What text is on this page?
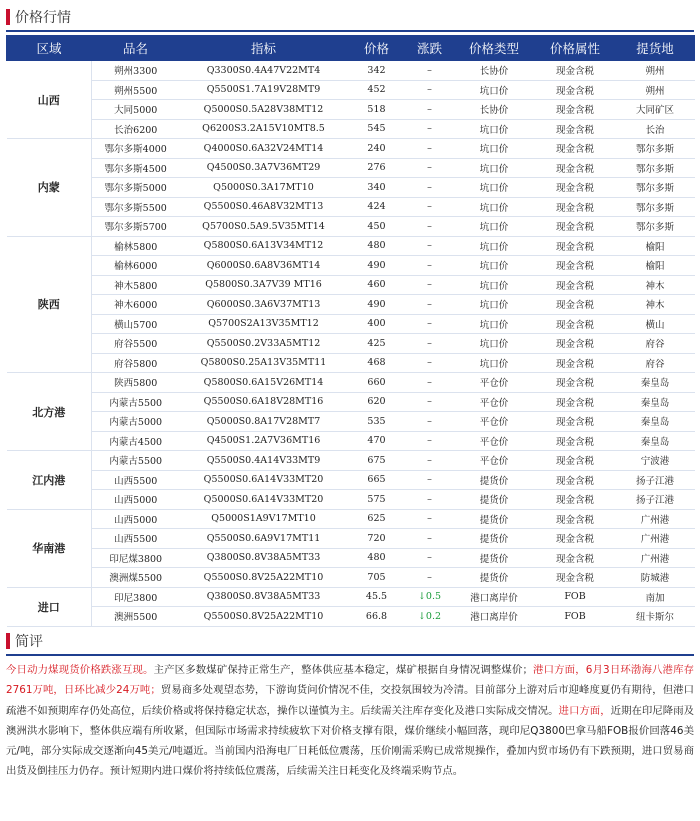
价格行情
区域	品名	指标	价格	涨跌	价格类型	价格属性	提货地
山西	朔州3300	Q3300S0.4A47V22MT4	342	–	长协价	现金含税	朔州
	朔州5500	Q5500S1.7A19V28MT9	452	–	坑口价	现金含税	朔州
	大同5000	Q5000S0.5A28V38MT12	518	–	长协价	现金含税	大同矿区
	长治6200	Q6200S3.2A15V10MT8.5	545	–	坑口价	现金含税	长治
内蒙	鄂尔多斯4000	Q4000S0.6A32V24MT14	240	–	坑口价	现金含税	鄂尔多斯
	鄂尔多斯4500	Q4500S0.3A7V36MT29	276	–	坑口价	现金含税	鄂尔多斯
	鄂尔多斯5000	Q5000S0.3A17MT10	340	–	坑口价	现金含税	鄂尔多斯
	鄂尔多斯5500	Q5500S0.46A8V32MT13	424	–	坑口价	现金含税	鄂尔多斯
	鄂尔多斯5700	Q5700S0.5A9.5V35MT14	450	–	坑口价	现金含税	鄂尔多斯
陕西	榆林5800	Q5800S0.6A13V34MT12	480	–	坑口价	现金含税	榆阳
	榆林6000	Q6000S0.6A8V36MT14	490	–	坑口价	现金含税	榆阳
	神木5800	Q5800S0.3A7V39 MT16	460	–	坑口价	现金含税	神木
	神木6000	Q6000S0.3A6V37MT13	490	–	坑口价	现金含税	神木
	横山5700	Q5700S2A13V35MT12	400	–	坑口价	现金含税	横山
	府谷5500	Q5500S0.2V33A5MT12	425	–	坑口价	现金含税	府谷
	府谷5800	Q5800S0.25A13V35MT11	468	–	坑口价	现金含税	府谷
北方港	陕西5800	Q5800S0.6A15V26MT14	660	–	平仓价	现金含税	秦皇岛
	内蒙古5500	Q5500S0.6A18V28MT16	620	–	平仓价	现金含税	秦皇岛
	内蒙古5000	Q5000S0.8A17V28MT7	535	–	平仓价	现金含税	秦皇岛
	内蒙古4500	Q4500S1.2A7V36MT16	470	–	平仓价	现金含税	秦皇岛
江内港	内蒙古5500	Q5500S0.4A14V33MT9	675	–	平仓价	现金含税	宁波港
	山西5500	Q5500S0.6A14V33MT20	665	–	提货价	现金含税	扬子江港
	山西5000	Q5000S0.6A14V33MT20	575	–	提货价	现金含税	扬子江港
华南港	山西5000	Q5000S1A9V17MT10	625	–	提货价	现金含税	广州港
	山西5500	Q5500S0.6A9V17MT11	720	–	提货价	现金含税	广州港
	印尼煤3800	Q3800S0.8V38A5MT33	480	–	提货价	现金含税	广州港
	澳洲煤5500	Q5500S0.8V25A22MT10	705	–	提货价	现金含税	防城港
进口	印尼3800	Q3800S0.8V38A5MT33	45.5	↓0.5	港口离岸价	FOB	南加
	澳洲5500	Q5500S0.8V25A22MT10	66.8	↓0.2	港口离岸价	FOB	纽卡斯尔
简评
今日动力煤现货价格跌涨互现。主产区多数煤矿保持正常生产，整体供应基本稳定，煤矿根据自身情况调整煤价；港口方面，6月3日环渤海八港库存2761万吨，日环比减少24万吨；贸易商多处观望态势，下游询货问价情况不佳，交投氛围较为冷清。目前部分上游对后市迎峰度夏仍有期待，但港口疏港不如预期库存仍处高位，后续价格或将保持稳定状态，操作以谨慎为主。后续需关注库存变化及港口实际成交情况。进口方面，近期在印尼降雨及澳洲洪水影响下，整体供应端有所收紧，但国际市场需求持续疲软下对价格支撑有限，煤价继续小幅回落，现印尼Q3800巴拿马船FOB报价回落46美元/吨，部分实际成交逐渐向45美元/吨逼近。当前国内沿海电厂日耗低位震荡，压价刚需采购已成常规操作，叠加内贸市场仍有下跌预期，进口贸易商出货及倒挂压力仍存。预计短期内进口煤价将持续低位震荡，后续需关注日耗变化及终端采购节点。
